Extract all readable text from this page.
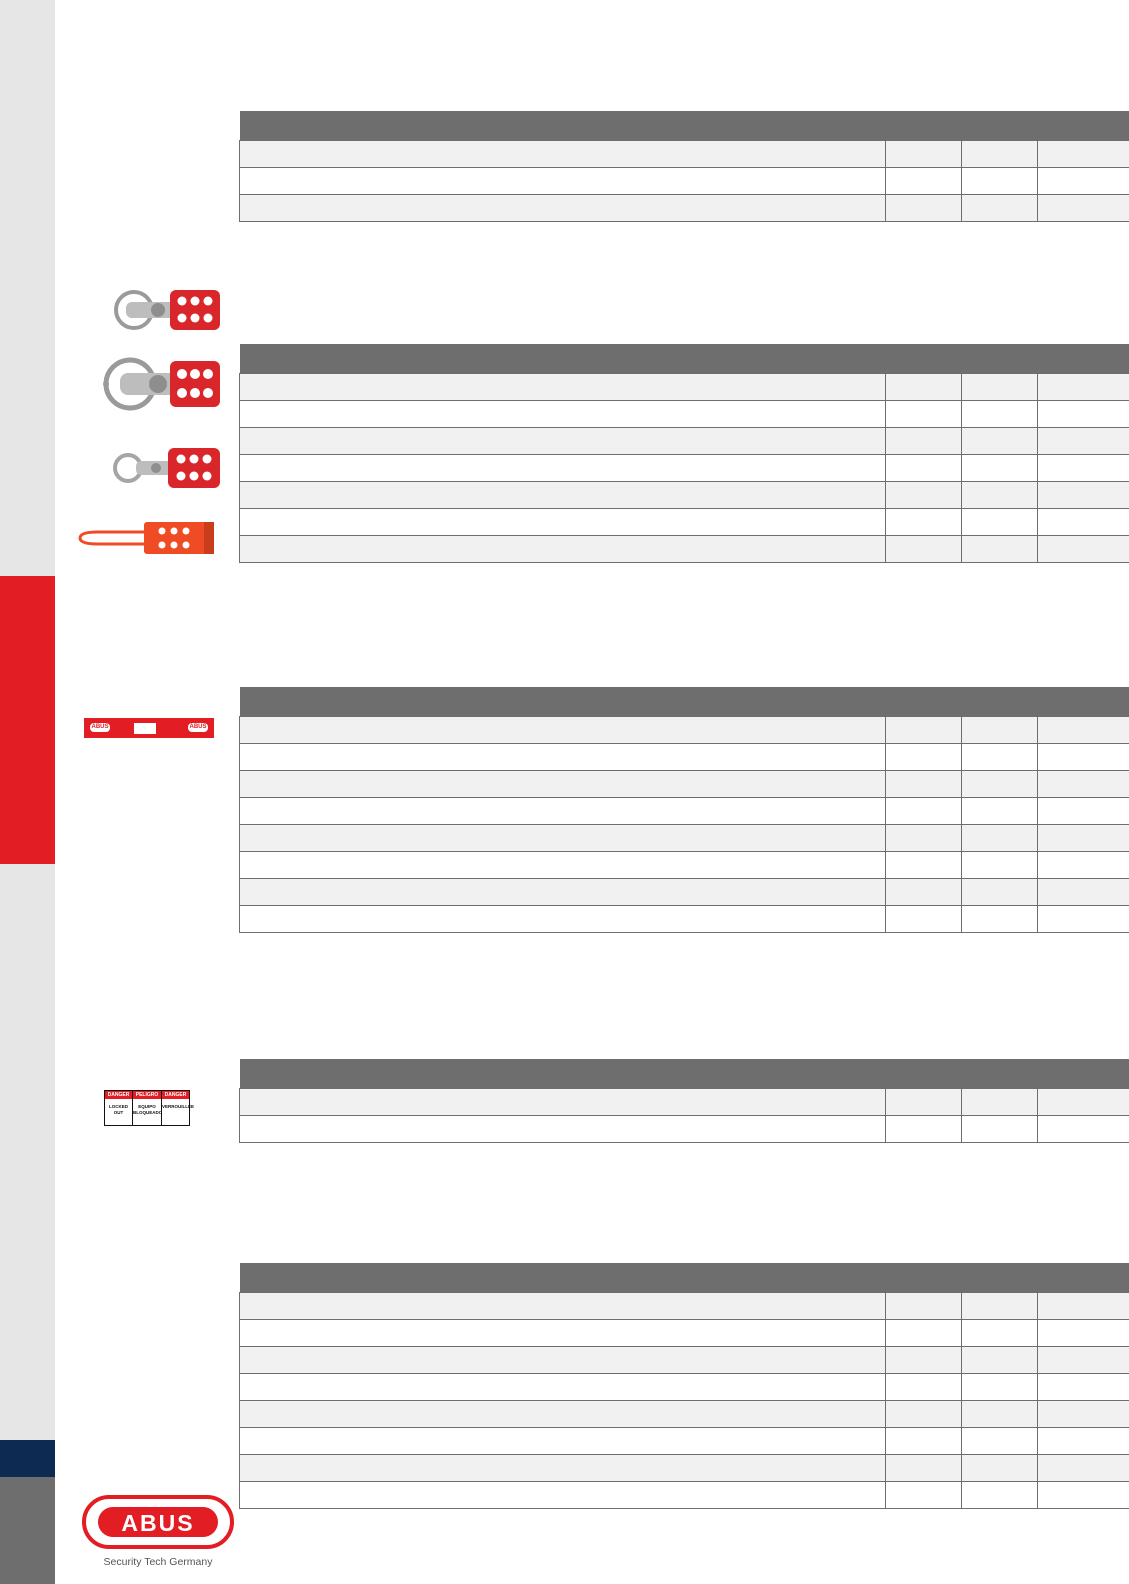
ABUS	ABUS
DANGER
LOCKED OUT
PELIGRO
EQUIPO BLOQUEADO
DANGER
VERROUILLÉE
ABUS
Security Tech Germany
